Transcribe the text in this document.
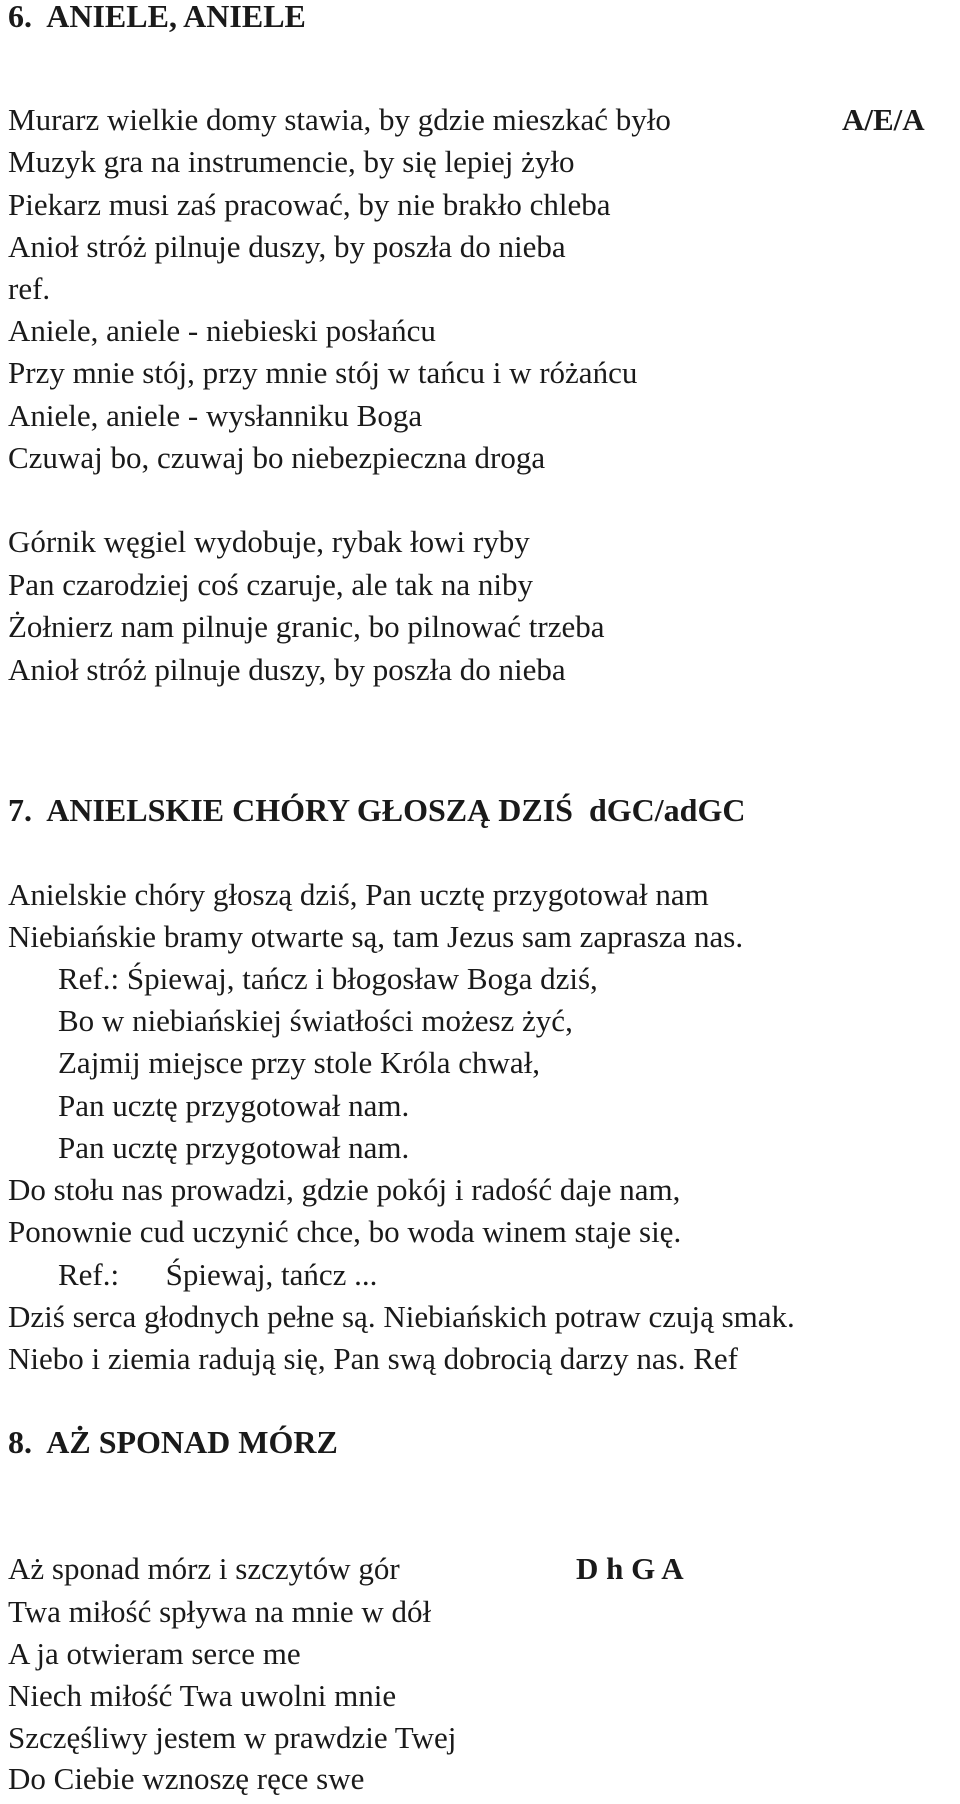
6.  ANIELE, ANIELE
A/E/A
Murarz wielkie domy stawia, by gdzie mieszkać było
Muzyk gra na instrumencie, by się lepiej żyło
Piekarz musi zaś pracować, by nie brakło chleba
Anioł stróż pilnuje duszy, by poszła do nieba
ref.
Aniele, aniele - niebieski posłańcu
Przy mnie stój, przy mnie stój w tańcu i w różańcu
Aniele, aniele - wysłanniku Boga
Czuwaj bo, czuwaj bo niebezpieczna droga
Górnik węgiel wydobuje, rybak łowi ryby
Pan czarodziej coś czaruje, ale tak na niby
Żołnierz nam pilnuje granic, bo pilnować trzeba
Anioł stróż pilnuje duszy, by poszła do nieba
7.  ANIELSKIE CHÓRY GŁOSZĄ DZIŚ  dGC/adGC
Anielskie chóry głoszą dziś, Pan ucztę przygotował nam
Niebiańskie bramy otwarte są, tam Jezus sam zaprasza nas.
Ref.: Śpiewaj, tańcz i błogosław Boga dziś,
Bo w niebiańskiej światłości możesz żyć,
Zajmij miejsce przy stole Króla chwał,
Pan ucztę przygotował nam.
Pan ucztę przygotował nam.
Do stołu nas prowadzi, gdzie pokój i radość daje nam,
Ponownie cud uczynić chce, bo woda winem staje się.
Ref.:      Śpiewaj, tańcz ...
Dziś serca głodnych pełne są. Niebiańskich potraw czują smak.
Niebo i ziemia radują się, Pan swą dobrocią darzy nas. Ref
8.  AŻ SPONAD MÓRZ
D h G A
Aż sponad mórz i szczytów gór
Twa miłość spływa na mnie w dół
A ja otwieram serce me
Niech miłość Twa uwolni mnie
Szczęśliwy jestem w prawdzie Twej
Do Ciebie wznoszę ręce swe
